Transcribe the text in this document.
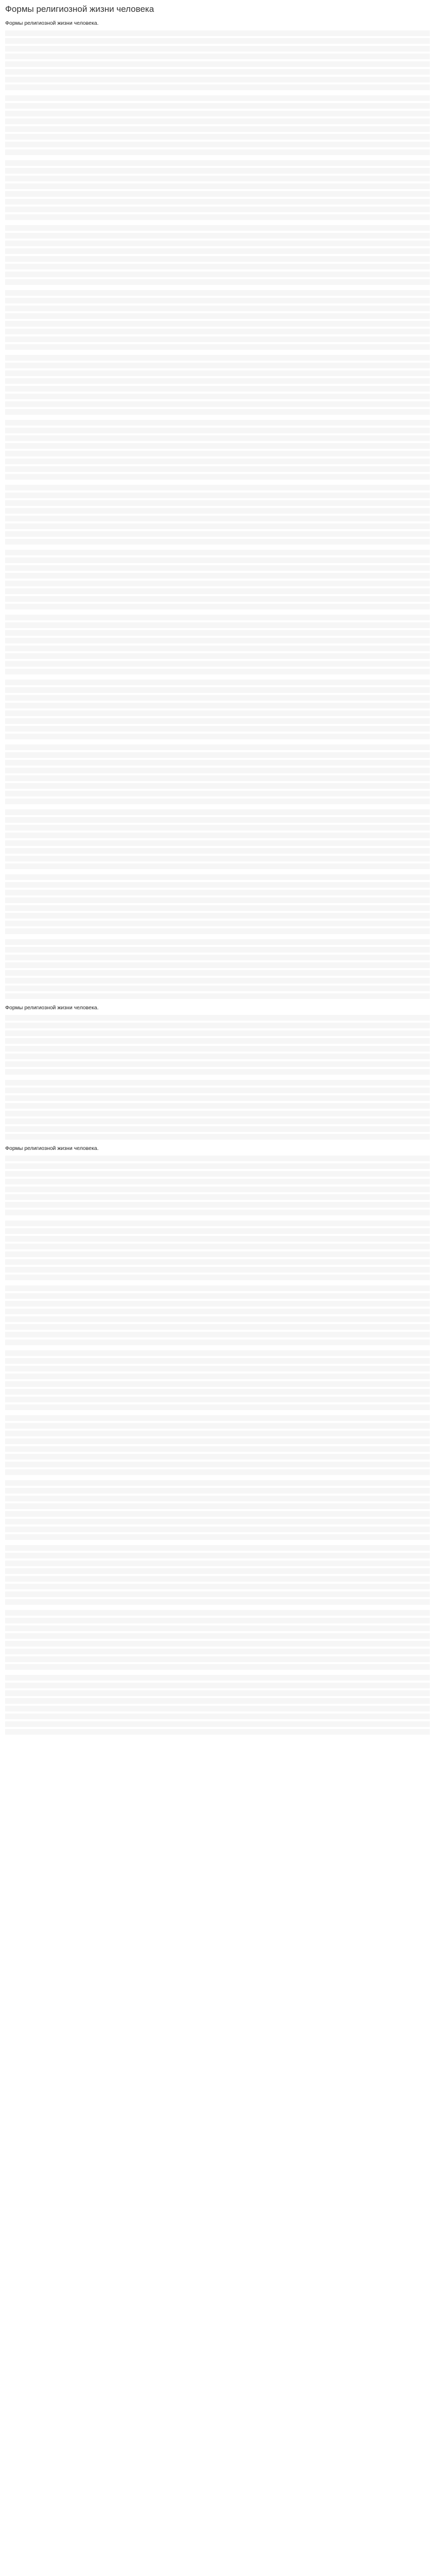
Формы религиозной жизни человека

Формы религиозной жизни человека.

Формы религиозной жизни человека.

Формы религиозной жизни человека.
